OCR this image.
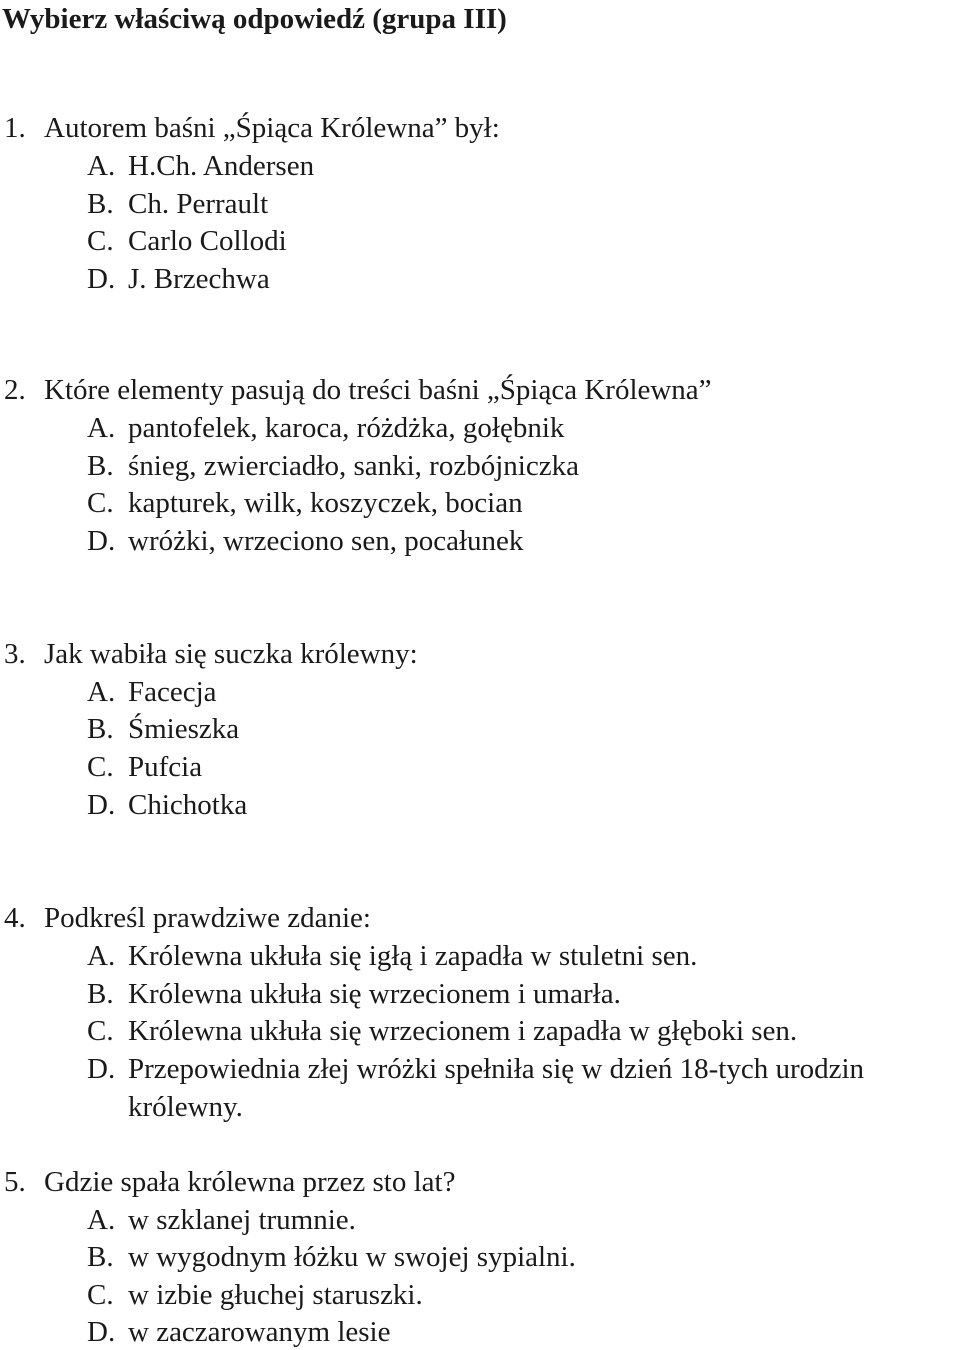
Wybierz właściwą odpowiedź (grupa III)
1. Autorem baśni „Śpiąca Królewna” był:
A. H.Ch. Andersen
B. Ch. Perrault
C. Carlo Collodi
D. J. Brzechwa
2. Które elementy pasują do treści baśni „Śpiąca Królewna”
A. pantofelek, karoca, różdżka, gołębnik
B. śnieg, zwierciadło, sanki, rozbójniczka
C. kapturek, wilk, koszyczek, bocian
D. wróżki, wrzeciono sen, pocałunek
3. Jak wabiła się suczka królewny:
A. Facecja
B. Śmieszka
C. Pufcia
D. Chichotka
4. Podkreśl prawdziwe zdanie:
A. Królewna ukłuła się igłą i zapadła w stuletni sen.
B. Królewna ukłuła się wrzecionem i umarła.
C. Królewna ukłuła się wrzecionem i zapadła w głęboki sen.
D. Przepowiednia złej wróżki spełniła się w dzień 18-tych urodzin
królewny.
5. Gdzie spała królewna przez sto lat?
A. w szklanej trumnie.
B. w wygodnym łóżku w swojej sypialni.
C. w izbie głuchej staruszki.
D. w zaczarowanym lesie
